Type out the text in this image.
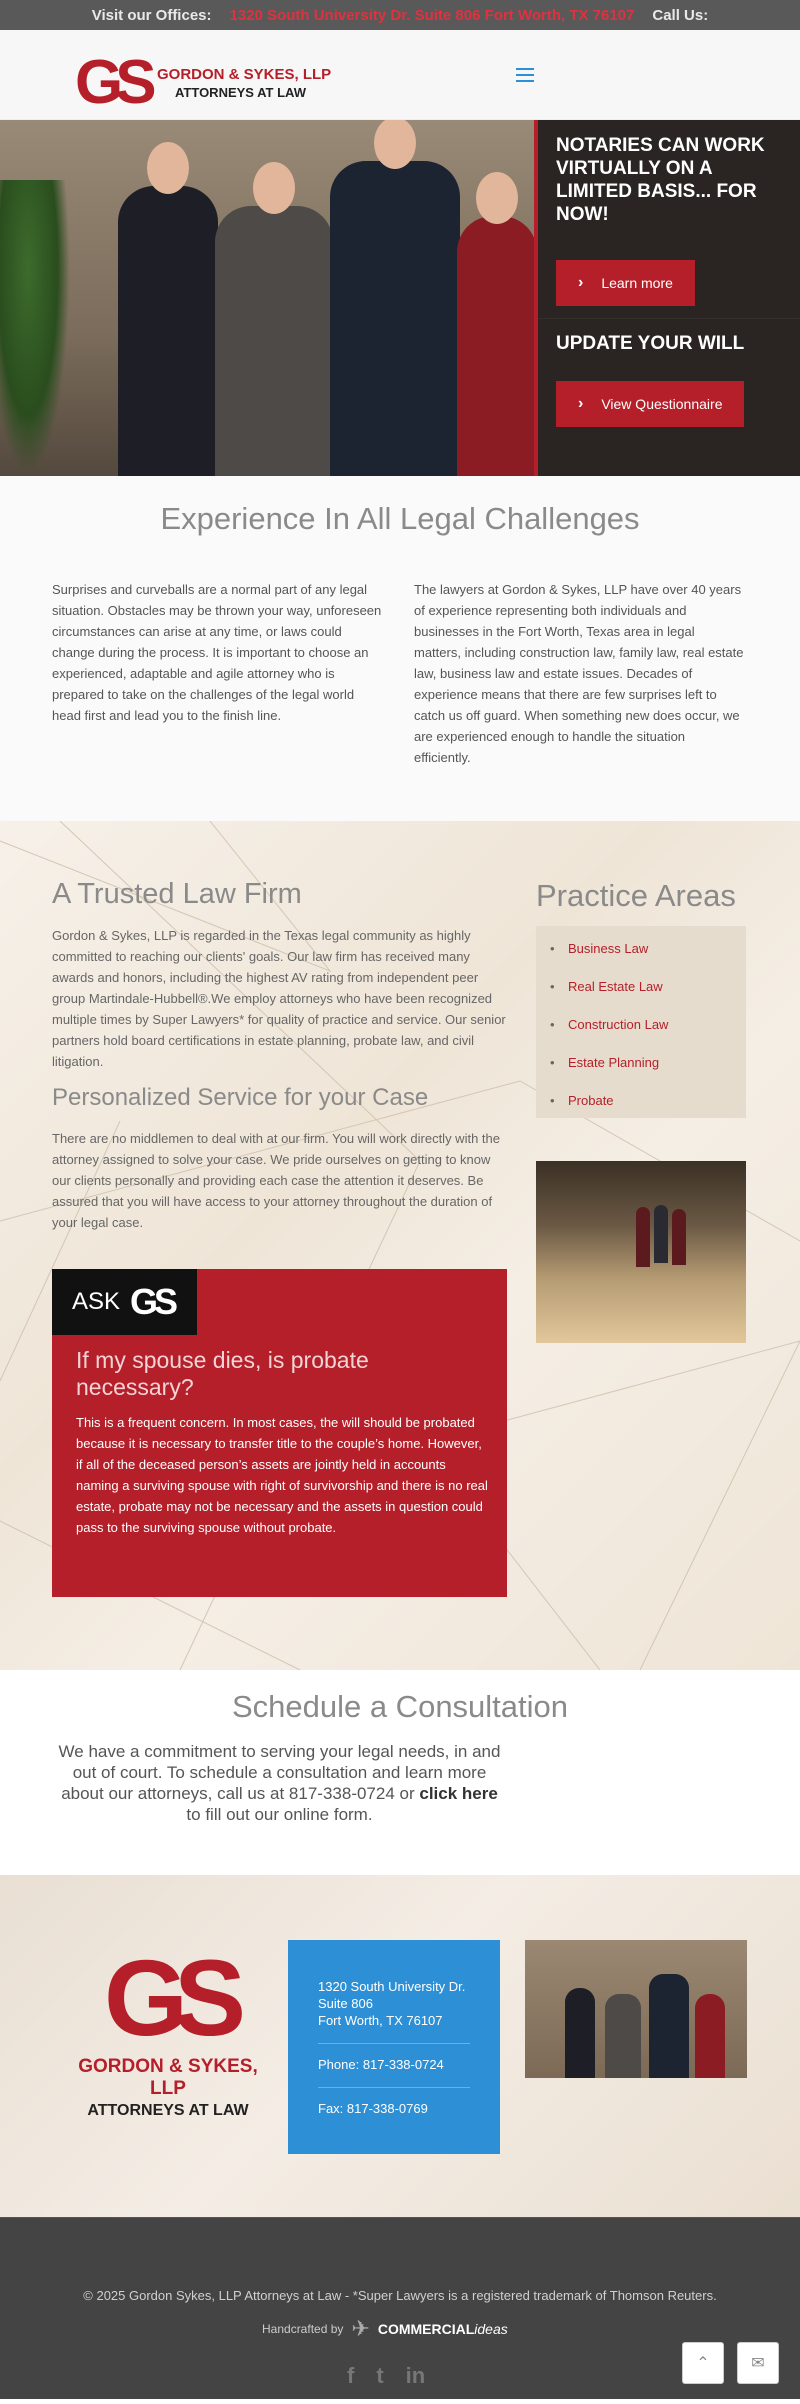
Visit our Offices: 1320 South University Dr. Suite 806 Fort Worth, TX 76107 Call Us:
GS GORDON & SYKES, LLP
ATTORNEYS AT LAW
NOTARIES CAN WORK VIRTUALLY ON A LIMITED BASIS... FOR NOW!
› Learn more
UPDATE YOUR WILL
› View Questionnaire
Experience In All Legal Challenges

Surprises and curveballs are a normal part of any legal situation. Obstacles may be thrown your way, unforeseen circumstances can arise at any time, or laws could change during the process. It is important to choose an experienced, adaptable and agile attorney who is prepared to take on the challenges of the legal world head first and lead you to the finish line.

The lawyers at Gordon & Sykes, LLP have over 40 years of experience representing both individuals and businesses in the Fort Worth, Texas area in legal matters, including construction law, family law, real estate law, business law and estate issues. Decades of experience means that there are few surprises left to catch us off guard. When something new does occur, we are experienced enough to handle the situation efficiently.

A Trusted Law Firm

Gordon & Sykes, LLP is regarded in the Texas legal community as highly committed to reaching our clients' goals. Our law firm has received many awards and honors, including the highest AV rating from independent peer group Martindale-Hubbell®.We employ attorneys who have been recognized multiple times by Super Lawyers* for quality of practice and service. Our senior partners hold board certifications in estate planning, probate law, and civil litigation.

Personalized Service for your Case

There are no middlemen to deal with at our firm. You will work directly with the attorney assigned to solve your case. We pride ourselves on getting to know our clients personally and providing each case the attention it deserves. Be assured that you will have access to your attorney throughout the duration of your legal case.

Practice Areas
• Business Law
• Real Estate Law
• Construction Law
• Estate Planning
• Probate
ASK GS
If my spouse dies, is probate necessary?

This is a frequent concern. In most cases, the will should be probated because it is necessary to transfer title to the couple’s home. However, if all of the deceased person’s assets are jointly held in accounts naming a surviving spouse with right of survivorship and there is no real estate, probate may not be necessary and the assets in question could pass to the surviving spouse without probate.

Schedule a Consultation

We have a commitment to serving your legal needs, in and out of court. To schedule a consultation and learn more about our attorneys, call us at 817-338-0724 or click here to fill out our online form.

GS
GORDON & SYKES, LLP
ATTORNEYS AT LAW
1320 South University Dr.
Suite 806
Fort Worth, TX 76107
Phone: 817-338-0724
Fax: 817-338-0769
© 2025 Gordon Sykes, LLP Attorneys at Law - *Super Lawyers is a registered trademark of Thomson Reuters.
Handcrafted by ✈ COMMERCIALideas
f t in	⌃	✉
